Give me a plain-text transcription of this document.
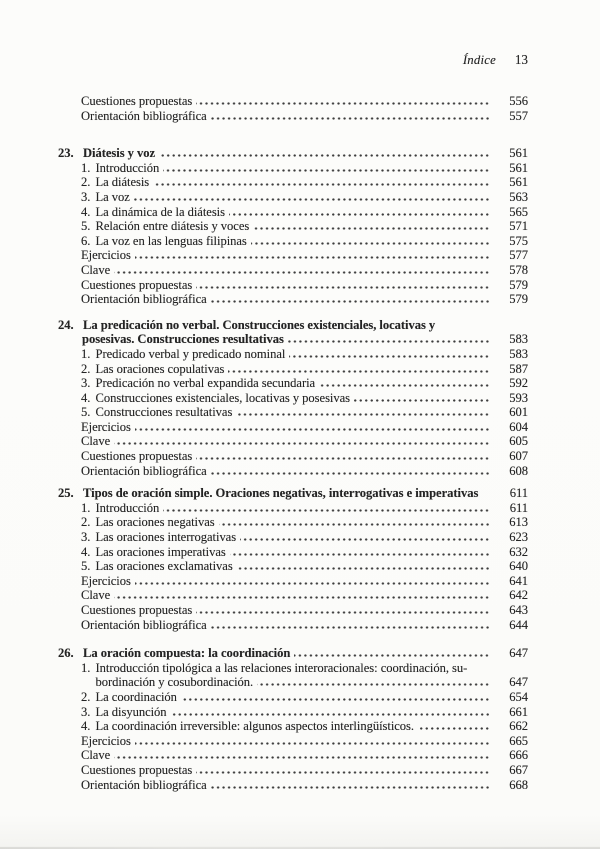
Índice	13
Cuestiones propuestas	556
Orientación bibliográfica	557
23. Diátesis y voz	561
1. Introducción	561
2. La diátesis	561
3. La voz	563
4. La dinámica de la diátesis	565
5. Relación entre diátesis y voces	571
6. La voz en las lenguas filipinas	575
Ejercicios	577
Clave	578
Cuestiones propuestas	579
Orientación bibliográfica	579
24. La predicación no verbal. Construcciones existenciales, locativas y
posesivas. Construcciones resultativas	583
1. Predicado verbal y predicado nominal	583
2. Las oraciones copulativas	587
3. Predicación no verbal expandida secundaria	592
4. Construcciones existenciales, locativas y posesivas	593
5. Construcciones resultativas	601
Ejercicios	604
Clave	605
Cuestiones propuestas	607
Orientación bibliográfica	608
25. Tipos de oración simple. Oraciones negativas, interrogativas e imperativas	611
1. Introducción	611
2. Las oraciones negativas	613
3. Las oraciones interrogativas	623
4. Las oraciones imperativas	632
5. Las oraciones exclamativas	640
Ejercicios	641
Clave	642
Cuestiones propuestas	643
Orientación bibliográfica	644
26. La oración compuesta: la coordinación	647
1. Introducción tipológica a las relaciones interoracionales: coordinación, su-
bordinación y cosubordinación.	647
2. La coordinación	654
3. La disyunción	661
4. La coordinación irreversible: algunos aspectos interlingüísticos.	662
Ejercicios	665
Clave	666
Cuestiones propuestas	667
Orientación bibliográfica	668
